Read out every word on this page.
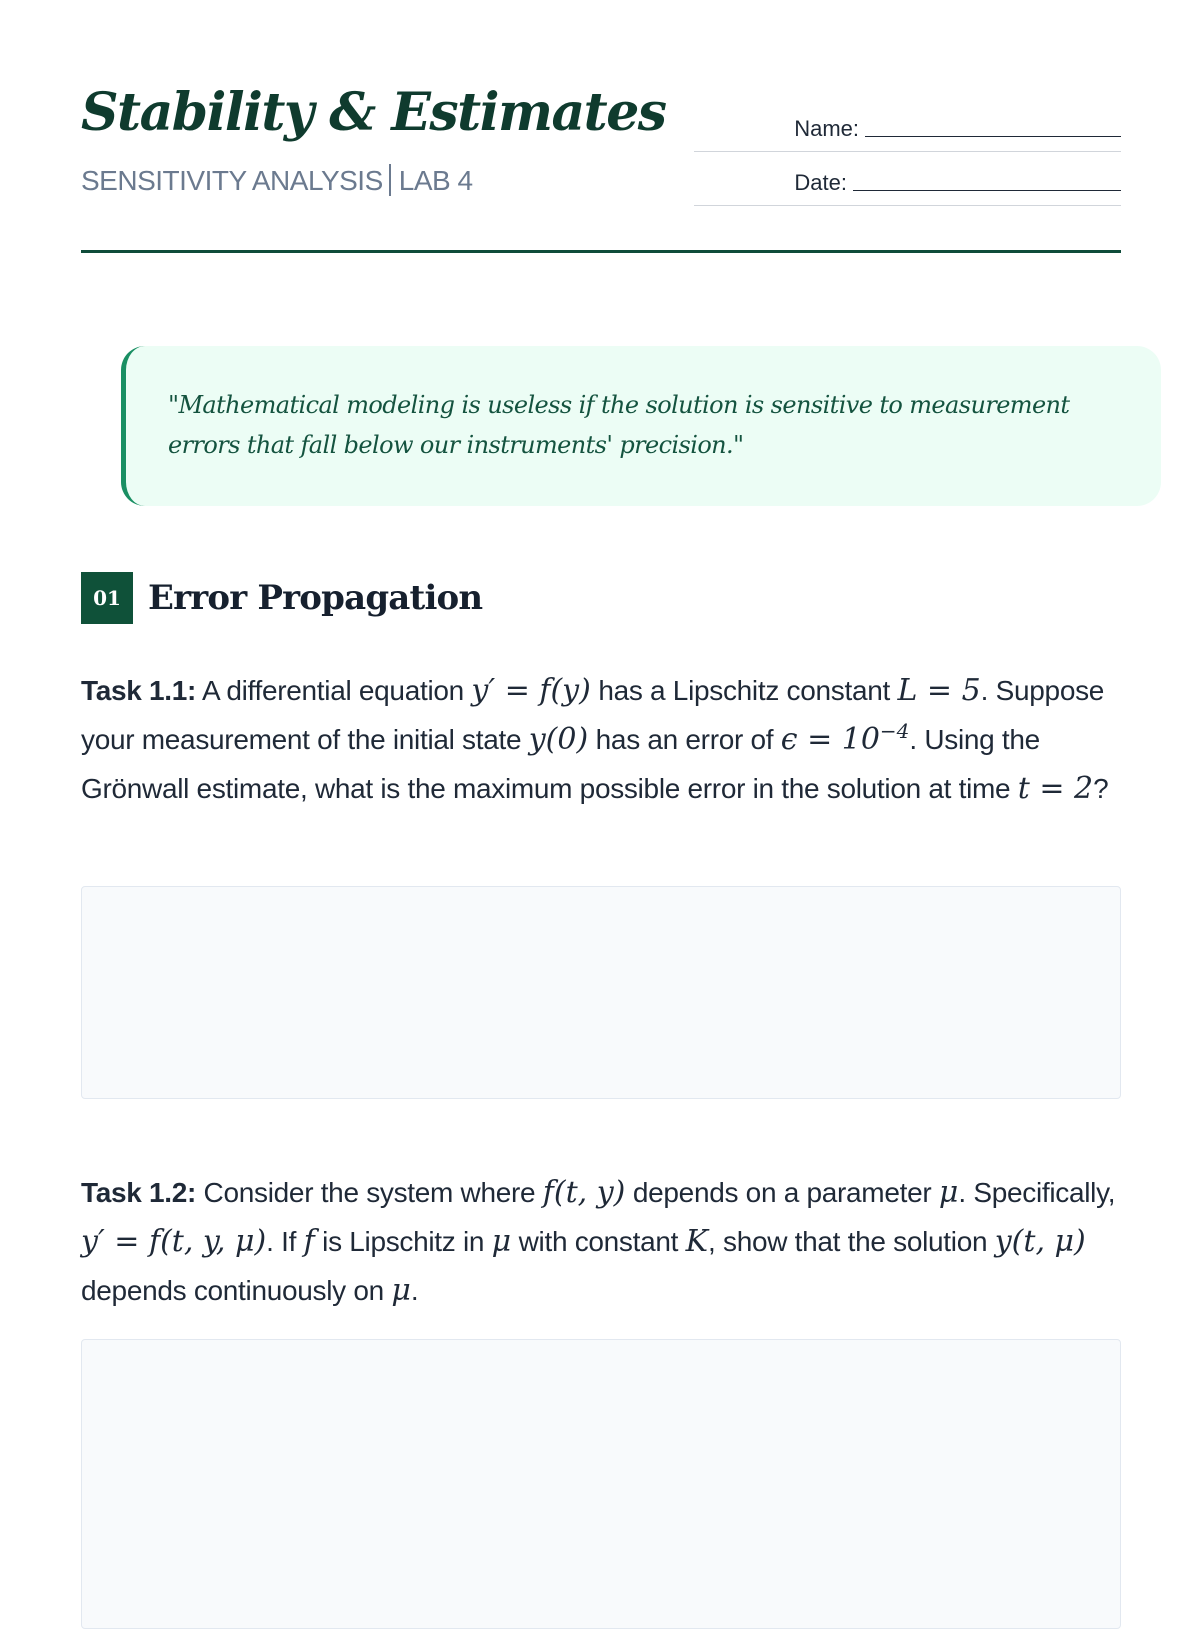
Stability & Estimates
SENSITIVITY ANALYSIS LAB 4
Name:
Date:

"Mathematical modeling is useless if the solution is sensitive to measurement errors that fall below our instruments' precision."

01 Error Propagation

Task 1.1: A differential equation y′ = f(y) has a Lipschitz constant L = 5. Suppose your measurement of the initial state y(0) has an error of $\epsilon = 10^{-4}$. Using the Grönwall estimate, what is the maximum possible error in the solution at time t = 2?

Task 1.2: Consider the system where f(t, y) depends on a parameter μ. Specifically, y′ = f(t, y, μ). If f is Lipschitz in μ with constant K, show that the solution y(t, μ) depends continuously on μ.
